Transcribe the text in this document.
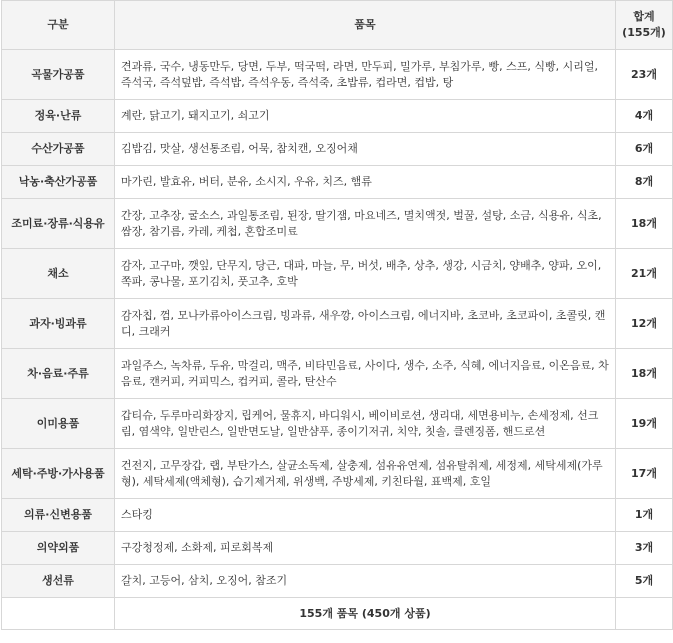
구분	품목	합계
(155개)
곡물가공품	견과류, 국수, 냉동만두, 당면, 두부, 떡국떡, 라면, 만두피, 밀가루, 부침가루, 빵, 스프, 식빵, 시리얼, 즉석국, 즉석덮밥, 즉석밥, 즉석우동, 즉석죽, 초밥류, 컵라면, 컵밥, 탕	23개
정육·난류	계란, 닭고기, 돼지고기, 쇠고기	4개
수산가공품	김밥김, 맛살, 생선통조림, 어묵, 참치캔, 오징어채	6개
낙농·축산가공품	마가린, 발효유, 버터, 분유, 소시지, 우유, 치즈, 햄류	8개
조미료·장류·식용유	간장, 고추장, 굴소스, 과일통조림, 된장, 딸기잼, 마요네즈, 멸치액젓, 벌꿀, 설탕, 소금, 식용유, 식초, 쌈장, 참기름, 카레, 케첩, 혼합조미료	18개
채소	감자, 고구마, 깻잎, 단무지, 당근, 대파, 마늘, 무, 버섯, 배추, 상추, 생강, 시금치, 양배추, 양파, 오이, 쪽파, 콩나물, 포기김치, 풋고추, 호박	21개
과자·빙과류	감자칩, 껌, 모나카류아이스크림, 빙과류, 새우깡, 아이스크림, 에너지바, 초코바, 초코파이, 초콜릿, 캔디, 크래커	12개
차·음료·주류	과일주스, 녹차류, 두유, 막걸리, 맥주, 비타민음료, 사이다, 생수, 소주, 식혜, 에너지음료, 이온음료, 차음료, 캔커피, 커피믹스, 컵커피, 콜라, 탄산수	18개
이미용품	갑티슈, 두루마리화장지, 립케어, 물휴지, 바디워시, 베이비로션, 생리대, 세면용비누, 손세정제, 선크림, 염색약, 일반린스, 일반면도날, 일반샴푸, 종이기저귀, 치약, 칫솔, 클렌징폼, 핸드로션	19개
세탁·주방·가사용품	건전지, 고무장갑, 랩, 부탄가스, 살균소독제, 살충제, 섬유유연제, 섬유탈취제, 세정제, 세탁세제(가루형), 세탁세제(액체형), 습기제거제, 위생백, 주방세제, 키친타월, 표백제, 호일	17개
의류·신변용품	스타킹	1개
의약외품	구강청정제, 소화제, 피로회복제	3개
생선류	갈치, 고등어, 삼치, 오징어, 참조기	5개
	155개 품목 (450개 상품)	
